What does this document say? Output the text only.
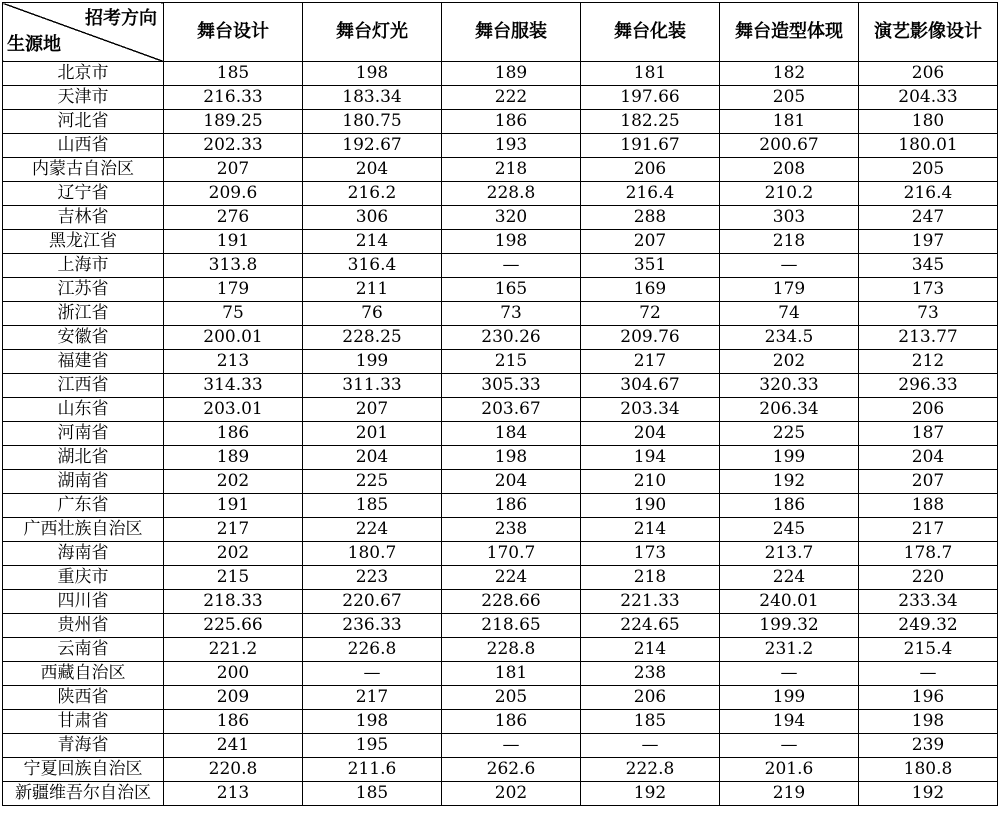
招考方向
生源地	舞台设计	舞台灯光	舞台服装	舞台化装	舞台造型体现	演艺影像设计
北京市	185	198	189	181	182	206
天津市	216.33	183.34	222	197.66	205	204.33
河北省	189.25	180.75	186	182.25	181	180
山西省	202.33	192.67	193	191.67	200.67	180.01
内蒙古自治区	207	204	218	206	208	205
辽宁省	209.6	216.2	228.8	216.4	210.2	216.4
吉林省	276	306	320	288	303	247
黑龙江省	191	214	198	207	218	197
上海市	313.8	316.4	—	351	—	345
江苏省	179	211	165	169	179	173
浙江省	75	76	73	72	74	73
安徽省	200.01	228.25	230.26	209.76	234.5	213.77
福建省	213	199	215	217	202	212
江西省	314.33	311.33	305.33	304.67	320.33	296.33
山东省	203.01	207	203.67	203.34	206.34	206
河南省	186	201	184	204	225	187
湖北省	189	204	198	194	199	204
湖南省	202	225	204	210	192	207
广东省	191	185	186	190	186	188
广西壮族自治区	217	224	238	214	245	217
海南省	202	180.7	170.7	173	213.7	178.7
重庆市	215	223	224	218	224	220
四川省	218.33	220.67	228.66	221.33	240.01	233.34
贵州省	225.66	236.33	218.65	224.65	199.32	249.32
云南省	221.2	226.8	228.8	214	231.2	215.4
西藏自治区	200	—	181	238	—	—
陕西省	209	217	205	206	199	196
甘肃省	186	198	186	185	194	198
青海省	241	195	—	—	—	239
宁夏回族自治区	220.8	211.6	262.6	222.8	201.6	180.8
新疆维吾尔自治区	213	185	202	192	219	192
